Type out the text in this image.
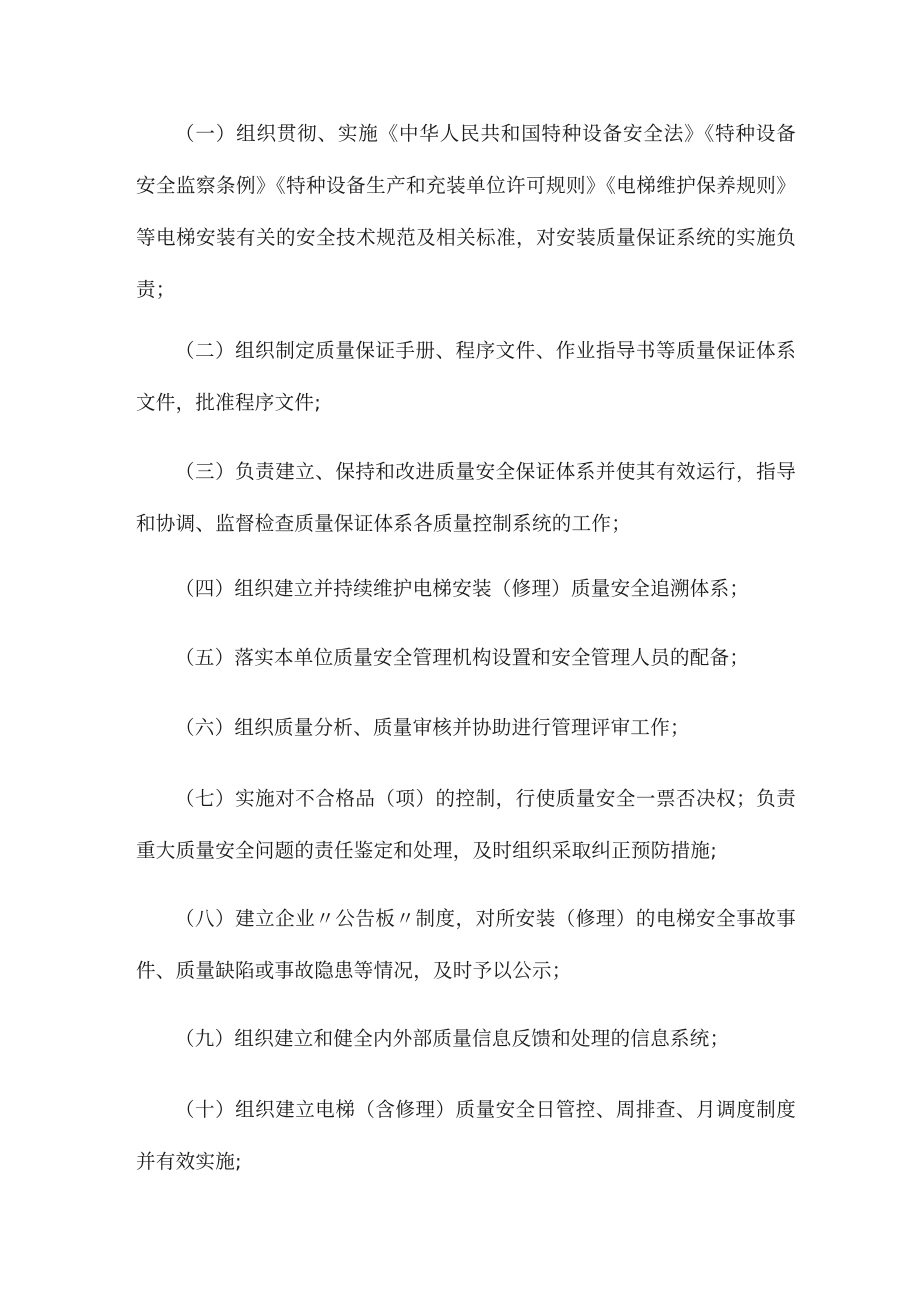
（一）组织贯彻、实施《中华人民共和国特种设备安全法》《特种设备安全监察条例》《特种设备生产和充装单位许可规则》《电梯维护保养规则》等电梯安装有关的安全技术规范及相关标准，对安装质量保证系统的实施负责；

（二）组织制定质量保证手册、程序文件、作业指导书等质量保证体系文件，批准程序文件;

（三）负责建立、保持和改进质量安全保证体系并使其有效运行，指导和协调、监督检查质量保证体系各质量控制系统的工作；

（四）组织建立并持续维护电梯安装（修理）质量安全追溯体系；

（五）落实本单位质量安全管理机构设置和安全管理人员的配备；

（六）组织质量分析、质量审核并协助进行管理评审工作；

（七）实施对不合格品（项）的控制，行使质量安全一票否决权；负责重大质量安全问题的责任鉴定和处理，及时组织采取纠正预防措施;

（八）建立企业〃公告板〃制度，对所安装（修理）的电梯安全事故事件、质量缺陷或事故隐患等情况，及时予以公示；

（九）组织建立和健全内外部质量信息反馈和处理的信息系统；

（十）组织建立电梯（含修理）质量安全日管控、周排查、月调度制度并有效实施;
